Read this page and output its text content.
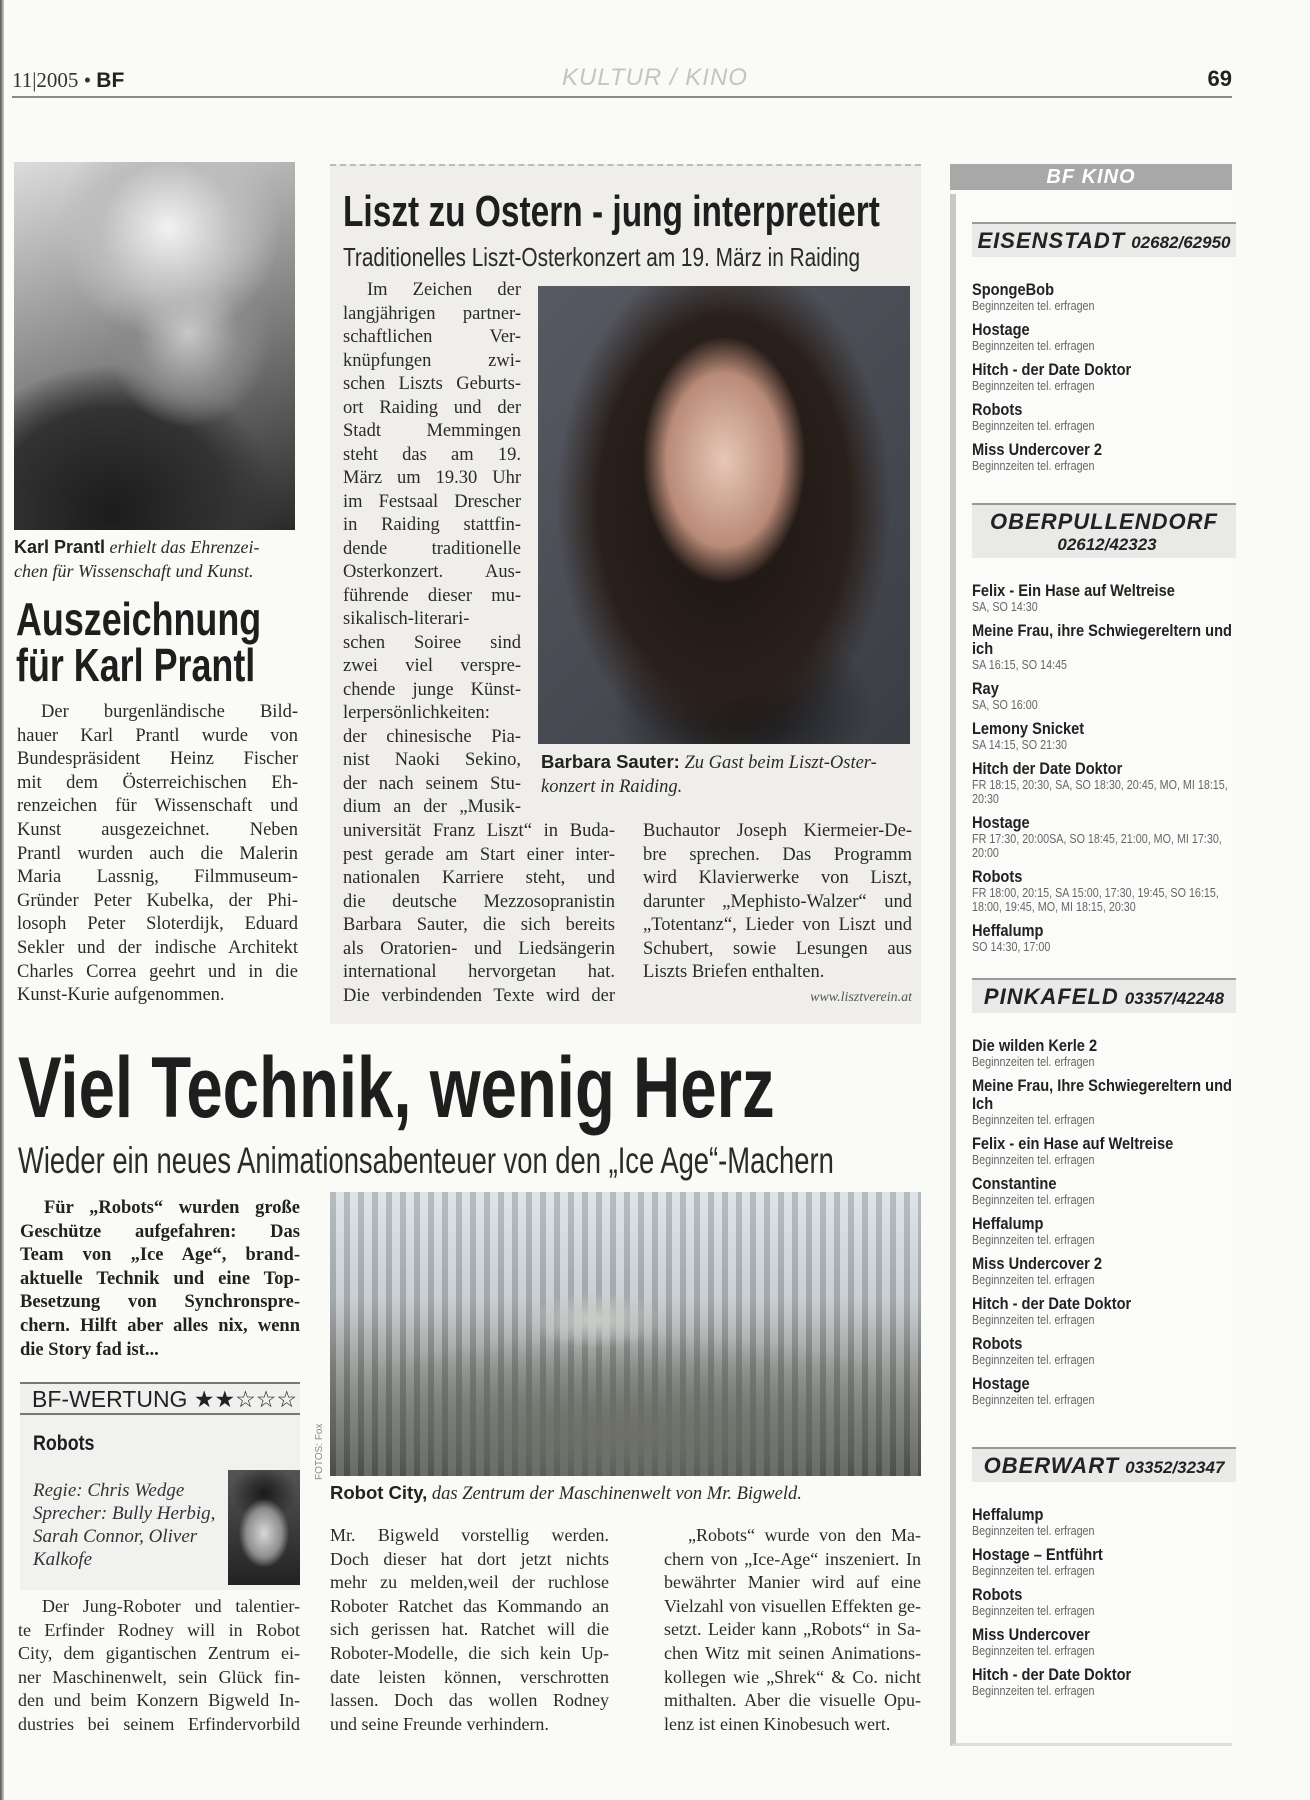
11|2005 • BF	KULTUR / KINO	69
Karl Prantl erhielt das Ehrenzei-
chen für Wissenschaft und Kunst.
Auszeichnung
für Karl Prantl
Der burgenländische Bild-
hauer Karl Prantl wurde von
Bundespräsident Heinz Fischer
mit dem Österreichischen Eh-
renzeichen für Wissenschaft und
Kunst ausgezeichnet. Neben
Prantl wurden auch die Malerin
Maria Lassnig, Filmmuseum-
Gründer Peter Kubelka, der Phi-
losoph Peter Sloterdijk, Eduard
Sekler und der indische Architekt
Charles Correa geehrt und in die
Kunst-Kurie aufgenommen.
Liszt zu Ostern - jung interpretiert
Traditionelles Liszt-Osterkonzert am 19. März in Raiding
Im Zeichen der
langjährigen partner-
schaftlichen Ver-
knüpfungen zwi-
schen Liszts Geburts-
ort Raiding und der
Stadt Memmingen
steht das am 19.
März um 19.30 Uhr
im Festsaal Drescher
in Raiding stattfin-
dende traditionelle
Osterkonzert. Aus-
führende dieser mu-
sikalisch-literari-
schen Soiree sind
zwei viel verspre-
chende junge Künst-
lerpersönlichkeiten:
der chinesische Pia-
nist Naoki Sekino,
der nach seinem Stu-
dium an der „Musik-
Barbara Sauter: Zu Gast beim Liszt-Oster-
konzert in Raiding.
universität Franz Liszt“ in Buda-
pest gerade am Start einer inter-
nationalen Karriere steht, und
die deutsche Mezzosopranistin
Barbara Sauter, die sich bereits
als Oratorien- und Liedsängerin
international hervorgetan hat.
Die verbindenden Texte wird der
Buchautor Joseph Kiermeier-De-
bre sprechen. Das Programm
wird Klavierwerke von Liszt,
darunter „Mephisto-Walzer“ und
„Totentanz“, Lieder von Liszt und
Schubert, sowie Lesungen aus
Liszts Briefen enthalten.
www.lisztverein.at
Viel Technik, wenig Herz
Wieder ein neues Animationsabenteuer von den „Ice Age“-Machern
Für „Robots“ wurden große
Geschütze aufgefahren: Das
Team von „Ice Age“, brand-
aktuelle Technik und eine Top-
Besetzung von Synchronspre-
chern. Hilft aber alles nix, wenn
die Story fad ist...
BF-WERTUNG ★★☆☆☆
Robots
Regie: Chris Wedge
Sprecher: Bully Herbig,
Sarah Connor, Oliver
Kalkofe
Der Jung-Roboter und talentier-
te Erfinder Rodney will in Robot
City, dem gigantischen Zentrum ei-
ner Maschinenwelt, sein Glück fin-
den und beim Konzern Bigweld In-
dustries bei seinem Erfindervorbild
FOTOS: Fox
Robot City, das Zentrum der Maschinenwelt von Mr. Bigweld.
Mr. Bigweld vorstellig werden.
Doch dieser hat dort jetzt nichts
mehr zu melden,weil der ruchlose
Roboter Ratchet das Kommando an
sich gerissen hat. Ratchet will die
Roboter-Modelle, die sich kein Up-
date leisten können, verschrotten
lassen. Doch das wollen Rodney
und seine Freunde verhindern.
„Robots“ wurde von den Ma-
chern von „Ice-Age“ inszeniert. In
bewährter Manier wird auf eine
Vielzahl von visuellen Effekten ge-
setzt. Leider kann „Robots“ in Sa-
chen Witz mit seinen Animations-
kollegen wie „Shrek“ & Co. nicht
mithalten. Aber die visuelle Opu-
lenz ist einen Kinobesuch wert.
BF KINO
EISENSTADT 02682/62950
SpongeBob
Beginnzeiten tel. erfragen
Hostage
Beginnzeiten tel. erfragen
Hitch - der Date Doktor
Beginnzeiten tel. erfragen
Robots
Beginnzeiten tel. erfragen
Miss Undercover 2
Beginnzeiten tel. erfragen
OBERPULLENDORF
02612/42323
Felix - Ein Hase auf Weltreise
SA, SO 14:30
Meine Frau, ihre Schwiegereltern und ich
SA 16:15, SO 14:45
Ray
SA, SO 16:00
Lemony Snicket
SA 14:15, SO 21:30
Hitch der Date Doktor
FR 18:15, 20:30, SA, SO 18:30, 20:45, MO, MI 18:15, 20:30
Hostage
FR 17:30, 20:00SA, SO 18:45, 21:00, MO, MI 17:30, 20:00
Robots
FR 18:00, 20:15, SA 15:00, 17:30, 19:45, SO 16:15, 18:00, 19:45, MO, MI 18:15, 20:30
Heffalump
SO 14:30, 17:00
PINKAFELD 03357/42248
Die wilden Kerle 2
Beginnzeiten tel. erfragen
Meine Frau, Ihre Schwiegereltern und Ich
Beginnzeiten tel. erfragen
Felix - ein Hase auf Weltreise
Beginnzeiten tel. erfragen
Constantine
Beginnzeiten tel. erfragen
Heffalump
Beginnzeiten tel. erfragen
Miss Undercover 2
Beginnzeiten tel. erfragen
Hitch - der Date Doktor
Beginnzeiten tel. erfragen
Robots
Beginnzeiten tel. erfragen
Hostage
Beginnzeiten tel. erfragen
OBERWART 03352/32347
Heffalump
Beginnzeiten tel. erfragen
Hostage – Entführt
Beginnzeiten tel. erfragen
Robots
Beginnzeiten tel. erfragen
Miss Undercover
Beginnzeiten tel. erfragen
Hitch - der Date Doktor
Beginnzeiten tel. erfragen
